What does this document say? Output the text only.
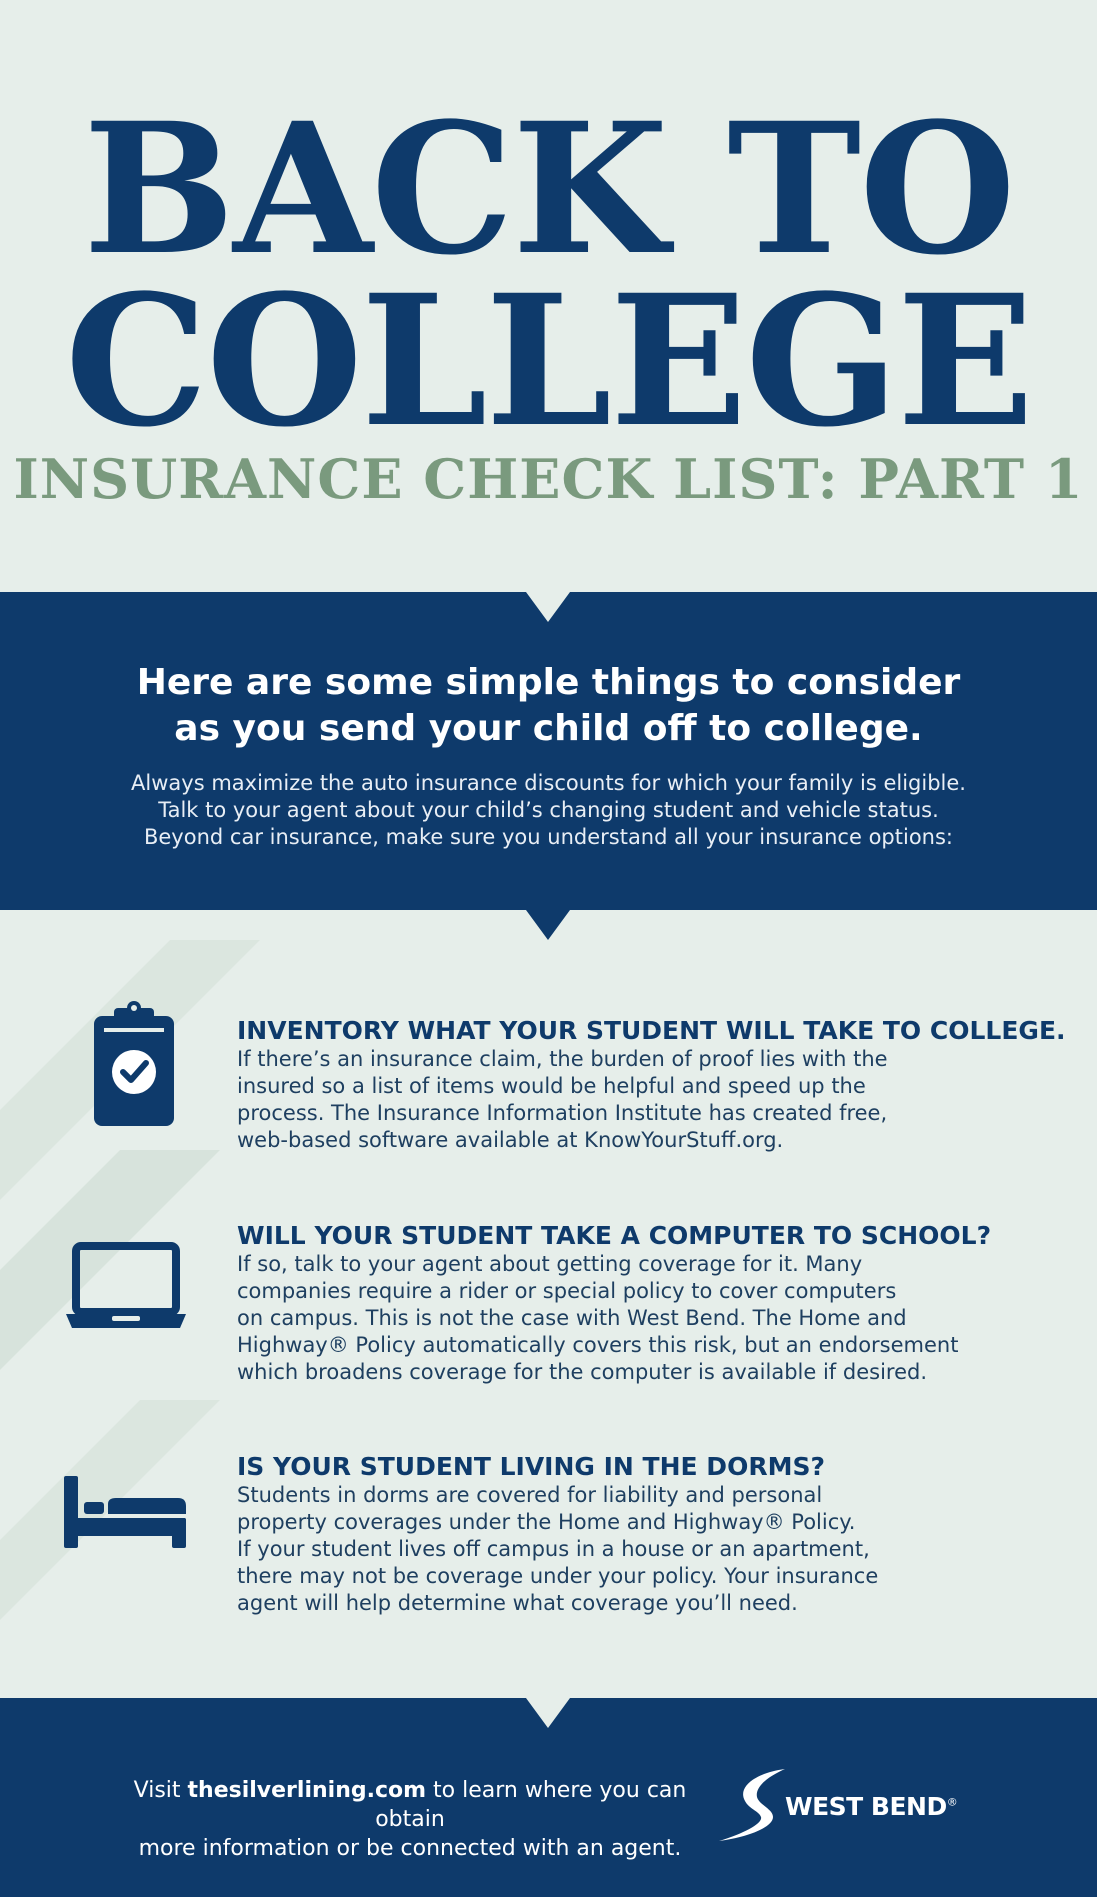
BACK TO
COLLEGE
INSURANCE CHECK LIST: PART 1
Here are some simple things to consider
as you send your child off to college.
Always maximize the auto insurance discounts for which your family is eligible.
Talk to your agent about your child’s changing student and vehicle status.
Beyond car insurance, make sure you understand all your insurance options:
INVENTORY WHAT YOUR STUDENT WILL TAKE TO COLLEGE.
If there’s an insurance claim, the burden of proof lies with the
insured so a list of items would be helpful and speed up the
process. The Insurance Information Institute has created free,
web-based software available at KnowYourStuff.org.
WILL YOUR STUDENT TAKE A COMPUTER TO SCHOOL?
If so, talk to your agent about getting coverage for it. Many
companies require a rider or special policy to cover computers
on campus. This is not the case with West Bend. The Home and
Highway® Policy automatically covers this risk, but an endorsement
which broadens coverage for the computer is available if desired.
IS YOUR STUDENT LIVING IN THE DORMS?
Students in dorms are covered for liability and personal
property coverages under the Home and Highway® Policy.
If your student lives off campus in a house or an apartment,
there may not be coverage under your policy. Your insurance
agent will help determine what coverage you’ll need.
Visit thesilverlining.com to learn where you can obtain
more information or be connected with an agent.
WEST BEND®
